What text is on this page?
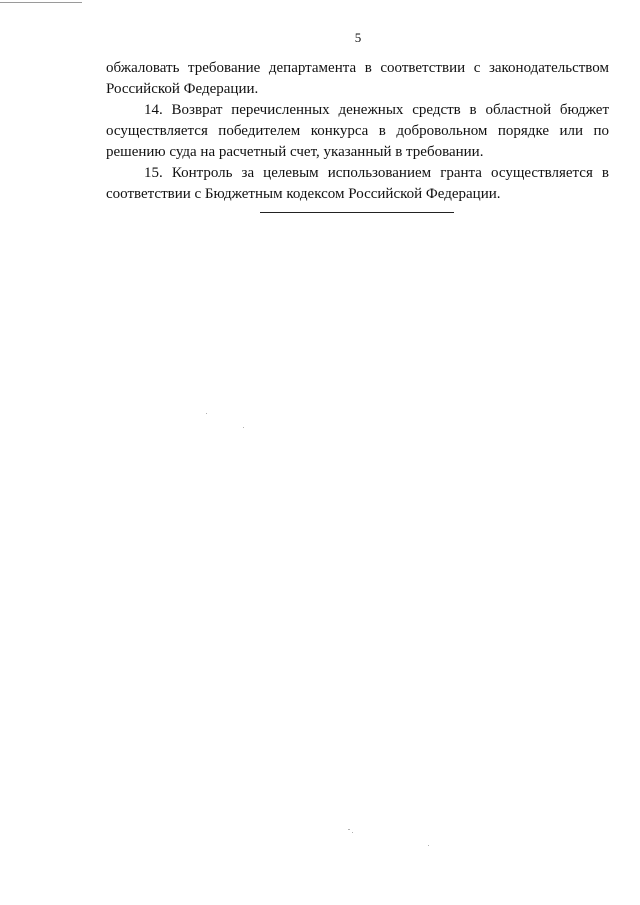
5

обжаловать требование департамента в соответствии с законодательством Российской Федерации.

14. Возврат перечисленных денежных средств в областной бюджет осуществляется победителем конкурса в добровольном порядке или по решению суда на расчетный счет, указанный в требовании.

15. Контроль за целевым использованием гранта осуществляется в соответствии с Бюджетным кодексом Российской Федерации.
